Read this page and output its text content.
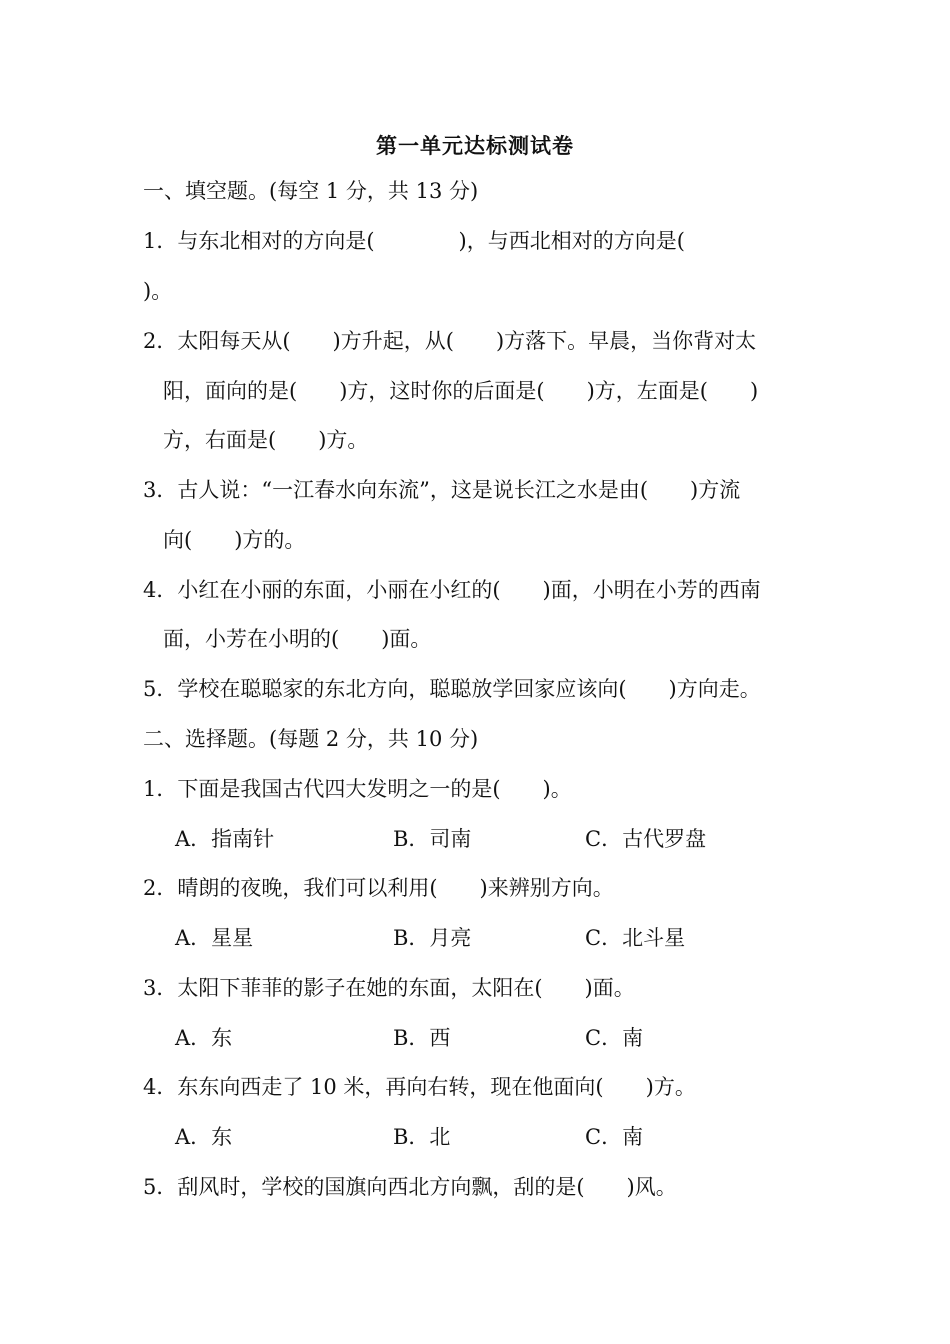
第一单元达标测试卷
一、填空题。(每空 1 分，共 13 分)
1．与东北相对的方向是(　　　　)，与西北相对的方向是(
)。
2．太阳每天从(　　)方升起，从(　　)方落下。早晨，当你背对太
阳，面向的是(　　)方，这时你的后面是(　　)方，左面是(　　)
方，右面是(　　)方。
3．古人说：“一江春水向东流”，这是说长江之水是由(　　)方流
向(　　)方的。
4．小红在小丽的东面，小丽在小红的(　　)面，小明在小芳的西南
面，小芳在小明的(　　)面。
5．学校在聪聪家的东北方向，聪聪放学回家应该向(　　)方向走。
二、选择题。(每题 2 分，共 10 分)
1．下面是我国古代四大发明之一的是(　　)。
A．指南针	B．司南	C．古代罗盘
2．晴朗的夜晚，我们可以利用(　　)来辨别方向。
A．星星	B．月亮	C．北斗星
3．太阳下菲菲的影子在她的东面，太阳在(　　)面。
A．东	B．西	C．南
4．东东向西走了 10 米，再向右转，现在他面向(　　)方。
A．东	B．北	C．南
5．刮风时，学校的国旗向西北方向飘，刮的是(　　)风。
